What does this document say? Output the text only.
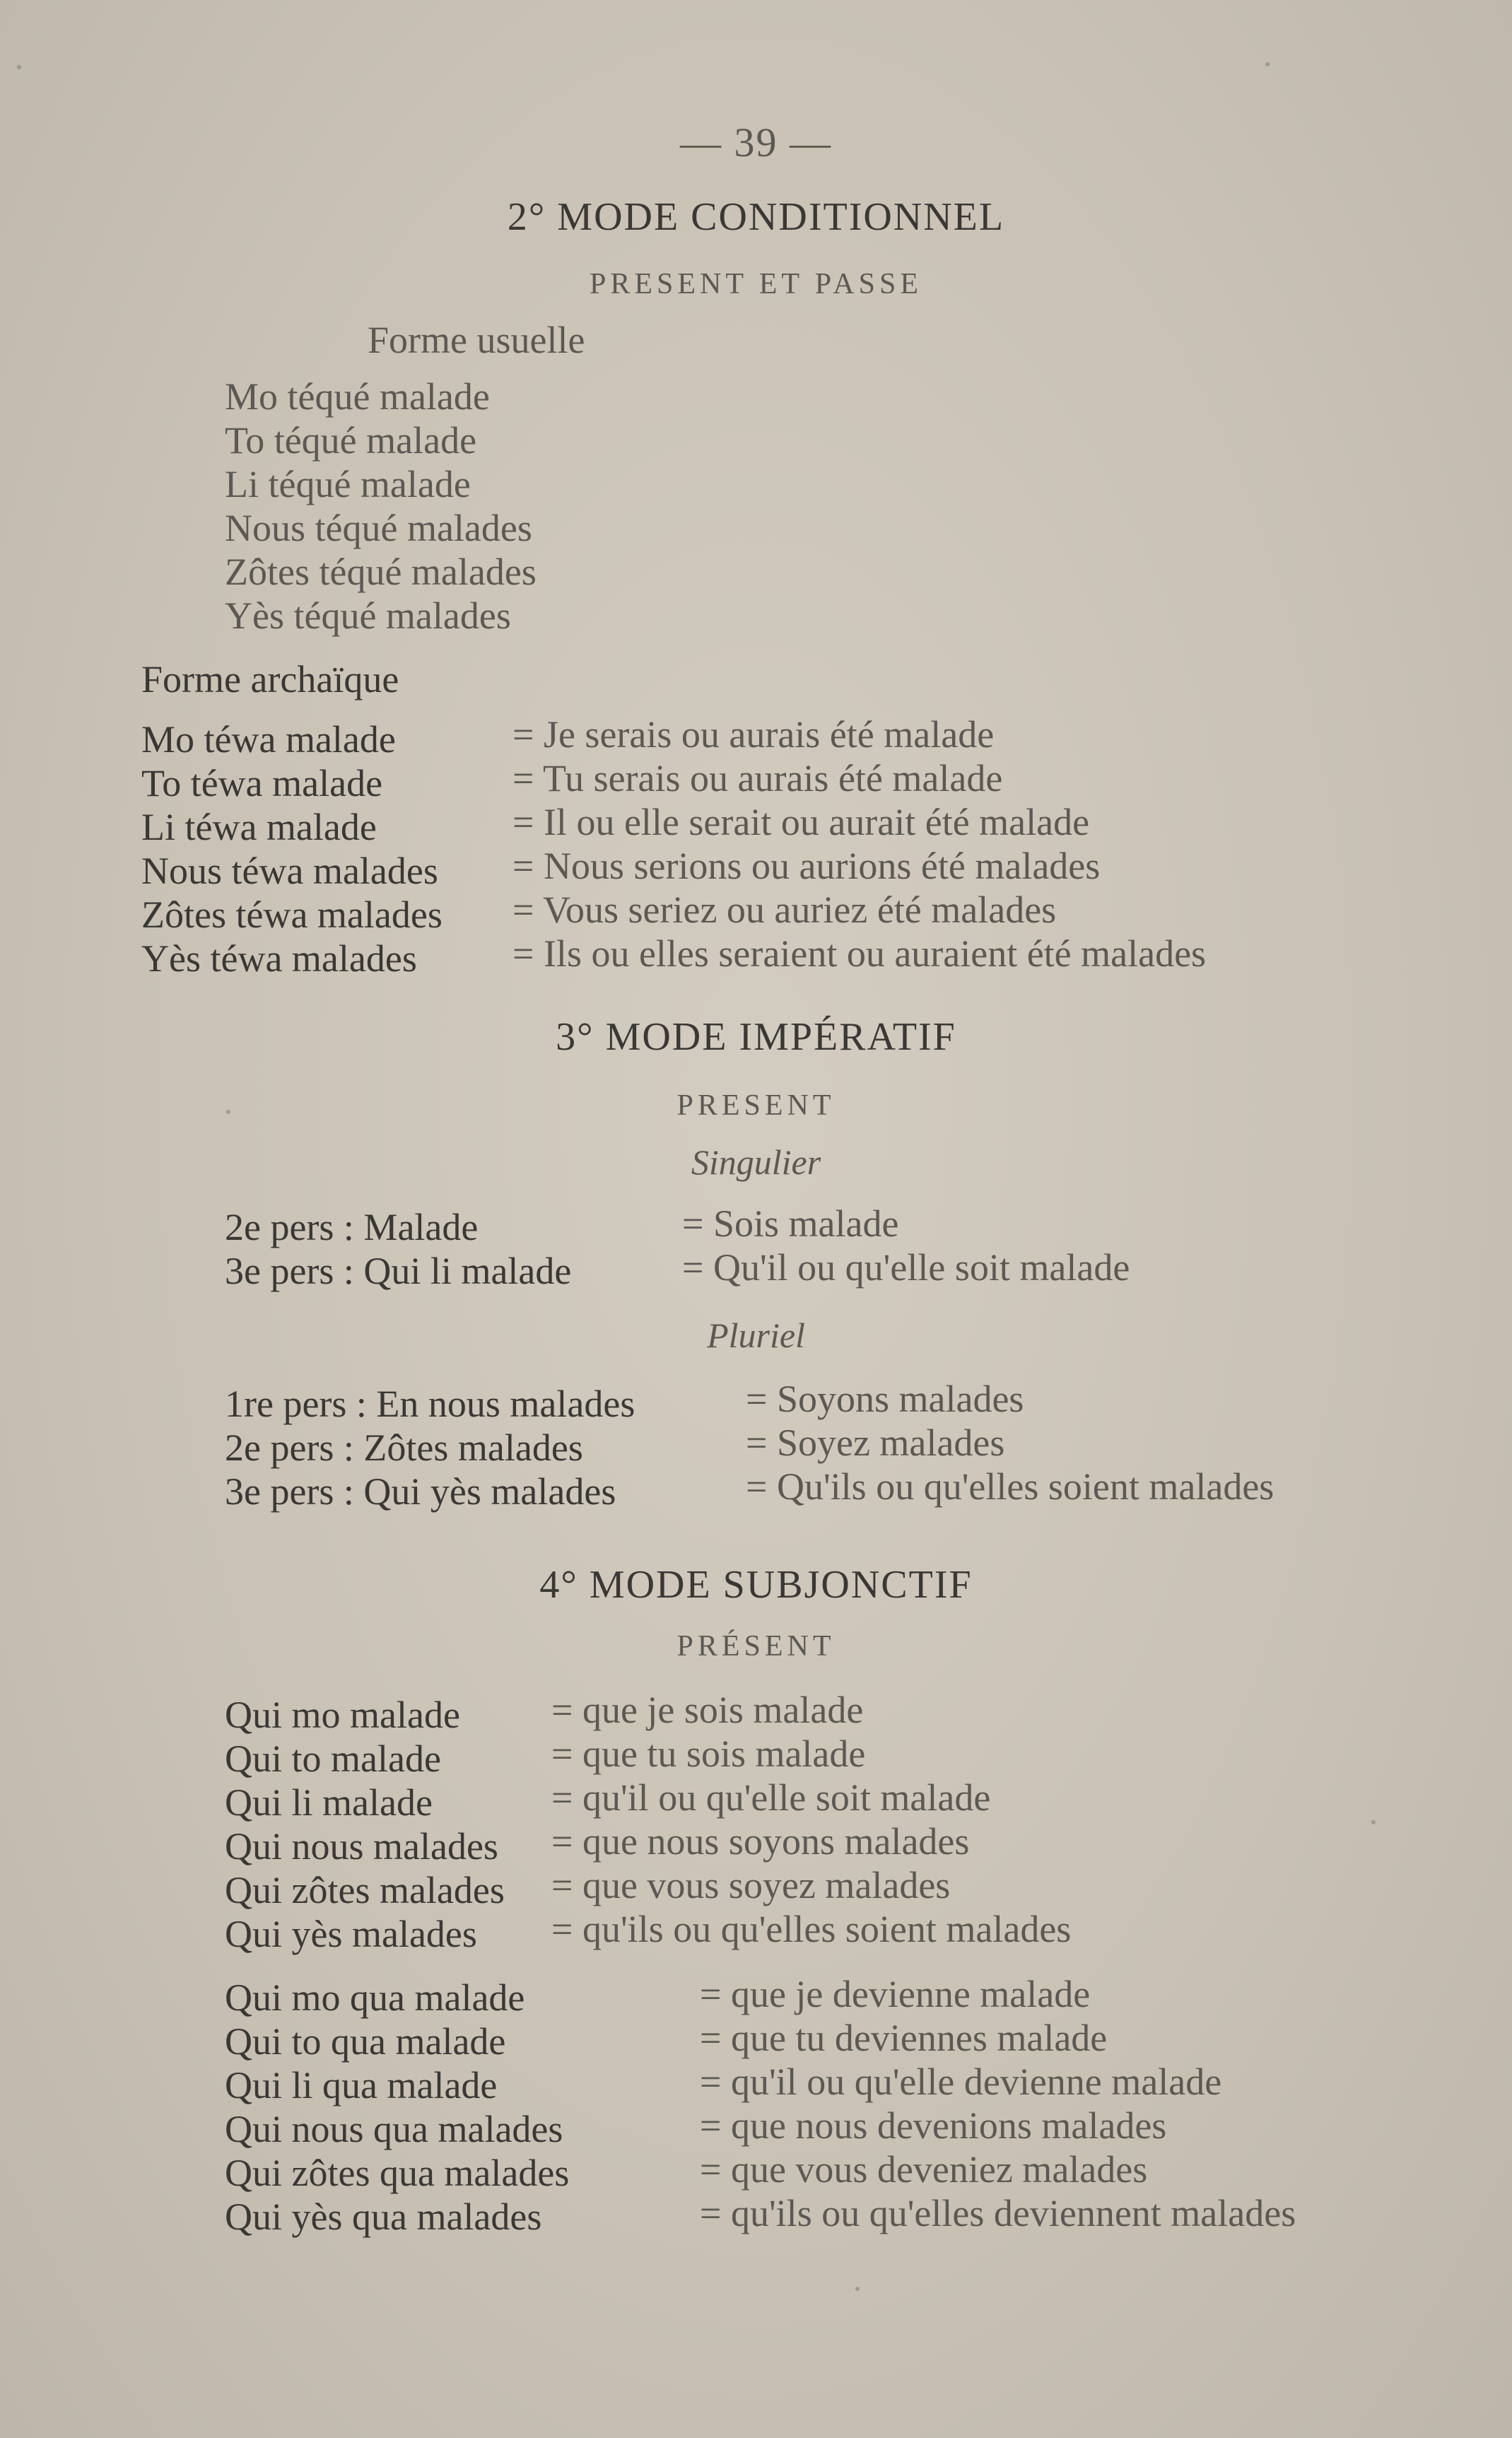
— 39 —
2° MODE CONDITIONNEL
PRESENT ET PASSE
Forme usuelle
Mo téqué malade
To téqué malade
Li téqué malade
Nous téqué malades
Zôtes téqué malades
Yès téqué malades
Forme archaïque
Mo téwa malade	= Je serais ou aurais été malade
To téwa malade	= Tu serais ou aurais été malade
Li téwa malade	= Il ou elle serait ou aurait été malade
Nous téwa malades = Nous serions ou aurions été malades
Zôtes téwa malades = Vous seriez ou auriez été malades
Yès téwa malades	= Ils ou elles seraient ou auraient été malades
3° MODE IMPÉRATIF
PRESENT
Singulier
2e pers : Malade	= Sois malade
3e pers : Qui li malade	= Qu'il ou qu'elle soit malade
Pluriel
1re pers : En nous malades	= Soyons malades
2e pers : Zôtes malades	= Soyez malades
3e pers : Qui yès malades	= Qu'ils ou qu'elles soient malades
4° MODE SUBJONCTIF
PRÉSENT
Qui mo malade = que je sois malade
Qui to malade	= que tu sois malade
Qui li malade	= qu'il ou qu'elle soit malade
Qui nous malades = que nous soyons malades
Qui zôtes malades = que vous soyez malades
Qui yès malades = qu'ils ou qu'elles soient malades
Qui mo qua malade	= que je devienne malade
Qui to qua malade	= que tu deviennes malade
Qui li qua malade	= qu'il ou qu'elle devienne malade
Qui nous qua malades	= que nous devenions malades
Qui zôtes qua malades	= que vous deveniez malades
Qui yès qua malades	= qu'ils ou qu'elles deviennent malades
